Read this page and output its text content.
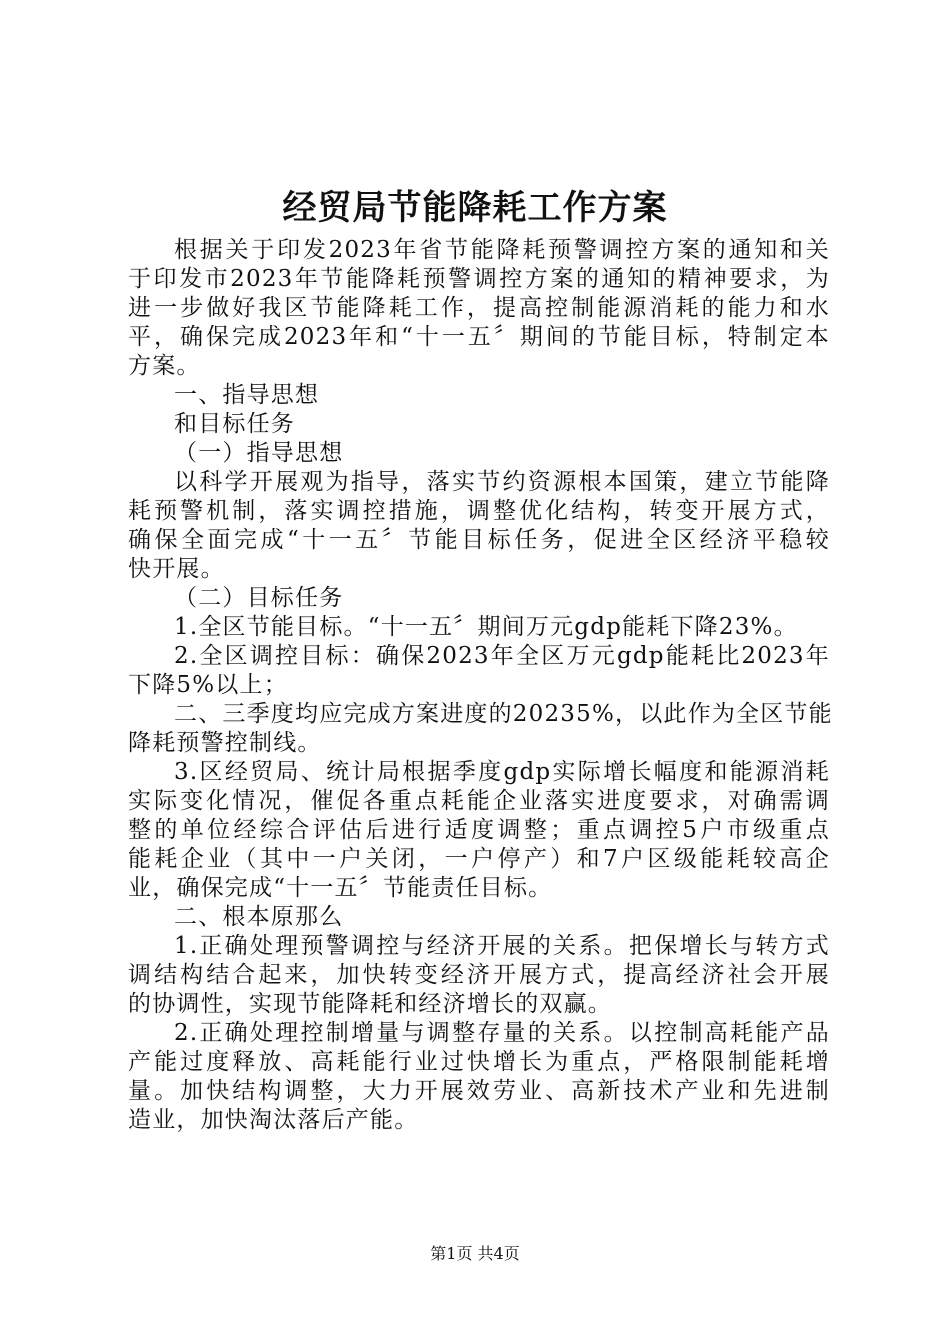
经贸局节能降耗工作方案
根据关于印发2023年省节能降耗预警调控方案的通知和关
于印发市2023年节能降耗预警调控方案的通知的精神要求，为
进一步做好我区节能降耗工作，提高控制能源消耗的能力和水
平，确保完成2023年和“十一五〞期间的节能目标，特制定本
方案。
一、指导思想
和目标任务
（一）指导思想
以科学开展观为指导，落实节约资源根本国策，建立节能降
耗预警机制，落实调控措施，调整优化结构，转变开展方式，
确保全面完成“十一五〞节能目标任务，促进全区经济平稳较
快开展。
（二）目标任务
1.全区节能目标。“十一五〞期间万元gdp能耗下降23%。
2.全区调控目标：确保2023年全区万元gdp能耗比2023年
下降5%以上；
二、三季度均应完成方案进度的20235%，以此作为全区节能
降耗预警控制线。
3.区经贸局、统计局根据季度gdp实际增长幅度和能源消耗
实际变化情况，催促各重点耗能企业落实进度要求，对确需调
整的单位经综合评估后进行适度调整；重点调控5户市级重点
能耗企业（其中一户关闭，一户停产）和7户区级能耗较高企
业，确保完成“十一五〞节能责任目标。
二、根本原那么
1.正确处理预警调控与经济开展的关系。把保增长与转方式
调结构结合起来，加快转变经济开展方式，提高经济社会开展
的协调性，实现节能降耗和经济增长的双赢。
2.正确处理控制增量与调整存量的关系。以控制高耗能产品
产能过度释放、高耗能行业过快增长为重点，严格限制能耗增
量。加快结构调整，大力开展效劳业、高新技术产业和先进制
造业，加快淘汰落后产能。
第1页 共4页
